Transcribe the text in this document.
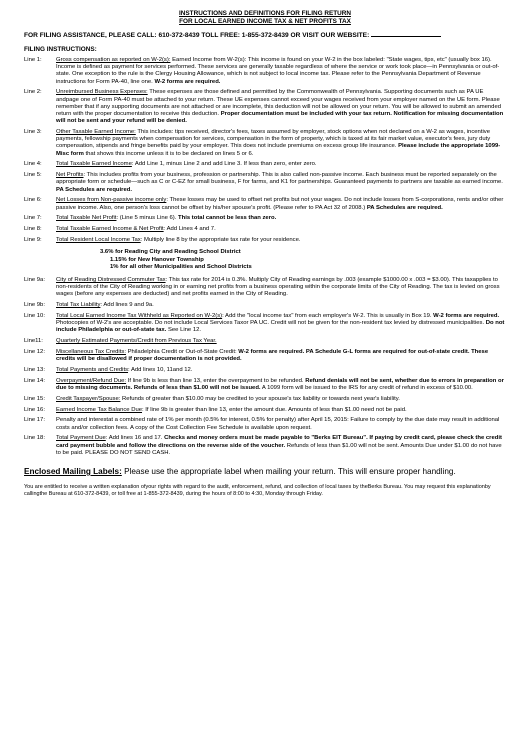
INSTRUCTIONS AND DEFINITIONS FOR FILING RETURN
FOR LOCAL EARNED INCOME TAX & NET PROFITS TAX
FOR FILING ASSISTANCE, PLEASE CALL: 610-372-8439 TOLL FREE: 1-855-372-8439 OR VISIT OUR WEBSITE:
FILING INSTRUCTIONS:
Line 1: Gross compensation as reported on W-2(s): Earned Income from W-2(s): This income is found on your W-2 in the box labeled: "State wages, tips, etc" (usually box 16). Income is defined as payment for services performed. These services are generally taxable regardless of where the service or work took place—in Pennsylvania or out-of-state. One exception to the rule is the Clergy Housing Allowance, which is not subject to local income tax. Please refer to the Pennsylvania Department of Revenue instructions for Form PA-40, line one. W-2 forms are required.
Line 2: Unreimbursed Business Expenses: These expenses are those defined and permitted by the Commonwealth of Pennsylvania. Supporting documents such as PA UE andpage one of Form PA-40 must be attached to your return. These UE expenses cannot exceed your wages received from your employer named on the UE form. Please remember that if any supporting documents are not attached or are incomplete, this deduction will not be allowed on your return. You will be allowed to submit an amended return with the proper documentation to receive this deduction. Proper documentation must be included with your tax return. Notification for missing documentation will not be sent and your refund will be denied.
Line 3: Other Taxable Earned Income: This includes: tips received, director's fees, taxes assumed by employer, stock options when not declared on a W-2 as wages, incentive payments, fellowship payments when compensation for services, compensation in the form of property, which is taxed at its fair market value, executor's fees, jury duty compensation, stipends and fringe benefits paid by your employer. This does not include premiums on excess group life insurance. Please include the appropriate 1099-Misc form that shows this income unless it is to be declared on lines 5 or 6.
Line 4: Total Taxable Earned Income: Add Line 1, minus Line 2 and add Line 3. If less than zero, enter zero.
Line 5: Net Profits: This includes profits from your business, profession or partnership. This is also called non-passive income. Each business must be reported separately on the appropriate form or schedule—such as C or C-EZ for small business, F for farms, and K1 for partnerships. Guaranteed payments to partners are taxable as earned income. PA Schedules are required.
Line 6: Net Losses from Non-passive income only: These losses may be used to offset net profits but not your wages. Do not include losses from S-corporations, rents and/or other passive income. Also, one person's loss cannot be offset by his/her spouse's profit. (Please refer to PA Act 32 of 2008.) PA Schedules are required.
Line 7: Total Taxable Net Profit: (Line 5 minus Line 6). This total cannot be less than zero.
Line 8: Total Taxable Earned Income & Net Profit: Add Lines 4 and 7.
Line 9: Total Resident Local Income Tax: Multiply line 8 by the appropriate tax rate for your residence.
3.6% for Reading City and Reading School District
1.15% for New Hanover Township
1% for all other Municipalities and School Districts
Line 9a: City of Reading Distressed Commuter Tax: This tax rate for 2014 is 0.3%. Multiply City of Reading earnings by .003 (example $1000.00 x .003 = $3.00). This taxapplies to non-residents of the City of Reading working in or earning net profits from a business operating within the corporate limits of the City of Reading. The tax is levied on gross wages (before any expenses are deducted) and net profits earned in the City of Reading.
Line 9b: Total Tax Liability: Add lines 9 and 9a.
Line 10: Total Local Earned Income Tax Withheld as Reported on W-2(s): Add the "local income tax" from each employer's W-2. This is usually in Box 19. W-2 forms are required. Photocopies of W-2's are acceptable. Do not include Local Services Taxor PA UC. Credit will not be given for the non-resident tax levied by distressed municipalities. Do not include Philadelphia or out-of-state tax. See Line 12.
Line11: Quarterly Estimated Payments/Credit from Previous Tax Year.
Line 12: Miscellaneous Tax Credits: Philadelphia Credit or Out-of-State Credit: W-2 forms are required. PA Schedule G-L forms are required for out-of-state credit. These credits will be disallowed if proper documentation is not provided.
Line 13: Total Payments and Credits: Add lines 10, 11and 12.
Line 14: Overpayment/Refund Due: If line 9b is less than line 13, enter the overpayment to be refunded. Refund denials will not be sent, whether due to errors in preparation or due to missing documents. Refunds of less than $1.00 will not be issued. A 1099 form will be issued to the IRS for any credit of refund in excess of $10.00.
Line 15: Credit Taxpayer/Spouse: Refunds of greater than $10.00 may be credited to your spouse's tax liability or towards next year's liability.
Line 16: Earned Income Tax Balance Due: If line 9b is greater than line 13, enter the amount due. Amounts of less than $1.00 need not be paid.
Line 17: Penalty and interestat a combined rate of 1% per month (0.5% for interest, 0.5% for penalty) after April 15, 2015: Failure to comply by the due date may result in additional costs and/or collection fees. A copy of the Cost Collection Fee Schedule is available upon request.
Line 18: Total Payment Due: Add lines 16 and 17. Checks and money orders must be made payable to "Berks EIT Bureau". If paying by credit card, please check the credit card payment bubble and follow the directions on the reverse side of the voucher. Refunds of less than $1.00 will not be sent. Amounts Due under $1.00 do not have to be paid. PLEASE DO NOT SEND CASH.
Enclosed Mailing Labels: Please use the appropriate label when mailing your return. This will ensure proper handling.
You are entitled to receive a written explanation ofyour rights with regard to the audit, enforcement, refund, and collection of local taxes by theBerks Bureau. You may request this explanationby callingthe Bureau at 610-372-8439, or toll free at 1-855-372-8439, during the hours of 8:00 to 4:30, Monday through Friday.
